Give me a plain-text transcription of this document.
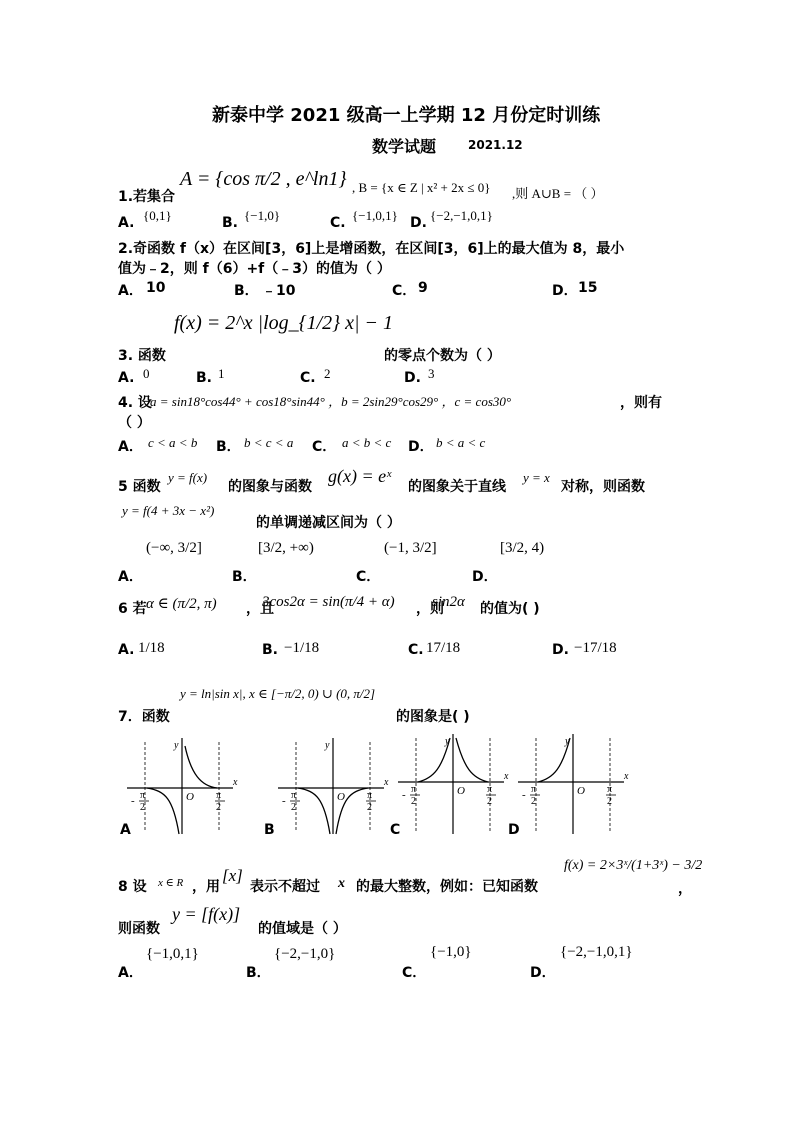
新泰中学 2021 级高一上学期 12 月份定时训练
数学试题	2021.12
1.若集合
A = {cos π/2 , e^ln1} , B = {x ∈ Z | x² + 2x ≤ 0} ,则 A∪B = （ ）
A. {0,1}	B. {−1,0}	C. {−1,0,1} D. {−2,−1,0,1}
2.奇函数 f（x）在区间[3，6]上是增函数，在区间[3，6]上的最大值为 8，最小
值为﹣2，则 f（6）+f（﹣3）的值为（ ）
A． 10	B． ﹣10	C． 9	D． 15
f(x) = 2^x |log_{1/2} x| − 1
3. 函数	的零点个数为（ ）
A. 0	B. 1	C. 2	D. 3
4. 设
a = sin18°cos44° + cos18°sin44° ，b = 2sin29°cos29° ，c = cos30°	，则有
（ ）
A． c < a < b B． b < c < a C． a < b < c D． b < a < c
5 函数
y = f(x)
的图象与函数
g(x) = eˣ
的图象关于直线
y = x
对称，则函数
y = f(4 + 3x − x²)
的单调递减区间为（ ）
A．
(−∞, 3/2]
B．
[3/2, +∞)
C．
(−1, 3/2]
D．
[3/2, 4)
6 若 α ∈ (π/2, π) ，且
3cos2α = sin(π/4 + α) ，则
sin2α 的值为( )
A. 1/18	B. −1/18	C. 17/18	D. −17/18
y = ln|sin x|, x ∈ [−π/2, 0) ∪ (0, π/2]
7．函数	的图象是( )
y
x
O
- π
2
π
2
A
y
x
O
- π
2
π
2
B
y
x
O
- π
2
π
2
C
y
x
O
- π
2
π
2
D
8 设 x ∈ R ，用
[x]
表示不超过 x 的最大整数，例如：已知函数
f(x) = 2×3ˣ/(1+3ˣ) − 3/2
，
则函数
y = [f(x)]
的值域是（ ）
A．
{−1,0,1}
B．
{−2,−1,0}
C．
{−1,0}
D．
{−2,−1,0,1}
